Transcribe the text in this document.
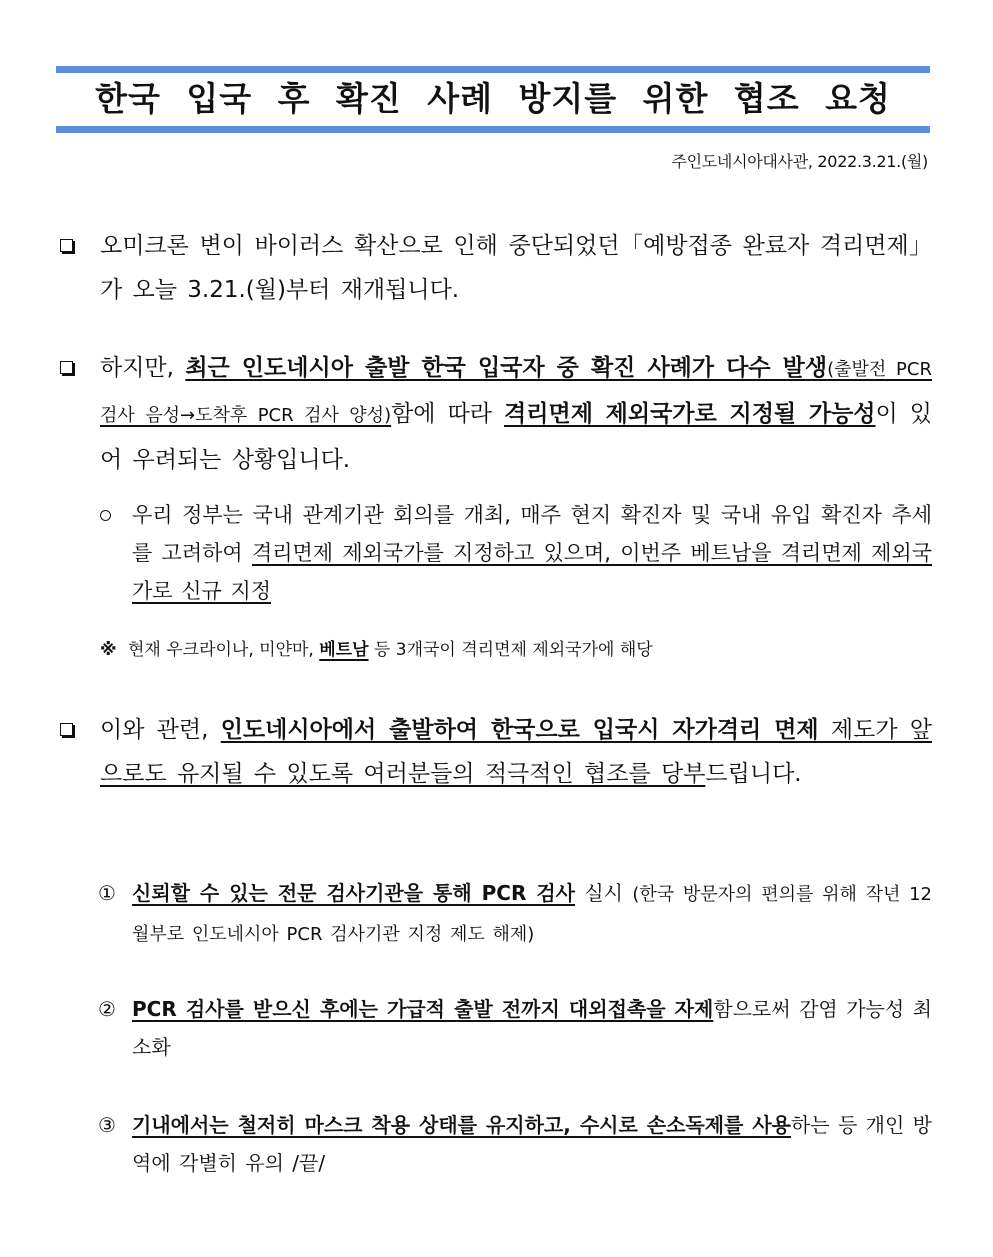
한국 입국 후 확진 사례 방지를 위한 협조 요청
주인도네시아대사관, 2022.3.21.(월)
오미크론 변이 바이러스 확산으로 인해 중단되었던「예방접종 완료자 격리면제」가 오늘 3.21.(월)부터 재개됩니다.
하지만, 최근 인도네시아 출발 한국 입국자 중 확진 사례가 다수 발생(출발전 PCR 검사 음성→도착후 PCR 검사 양성)함에 따라 격리면제 제외국가로 지정될 가능성이 있어 우려되는 상황입니다.
우리 정부는 국내 관계기관 회의를 개최, 매주 현지 확진자 및 국내 유입 확진자 추세를 고려하여 격리면제 제외국가를 지정하고 있으며, 이번주 베트남을 격리면제 제외국가로 신규 지정
※ 현재 우크라이나, 미얀마, 베트남 등 3개국이 격리면제 제외국가에 해당
이와 관련, 인도네시아에서 출발하여 한국으로 입국시 자가격리 면제 제도가 앞으로도 유지될 수 있도록 여러분들의 적극적인 협조를 당부드립니다.
① 신뢰할 수 있는 전문 검사기관을 통해 PCR 검사 실시 (한국 방문자의 편의를 위해 작년 12월부로 인도네시아 PCR 검사기관 지정 제도 해제)
② PCR 검사를 받으신 후에는 가급적 출발 전까지 대외접촉을 자제함으로써 감염 가능성 최소화
③ 기내에서는 철저히 마스크 착용 상태를 유지하고, 수시로 손소독제를 사용하는 등 개인 방역에 각별히 유의 /끝/
